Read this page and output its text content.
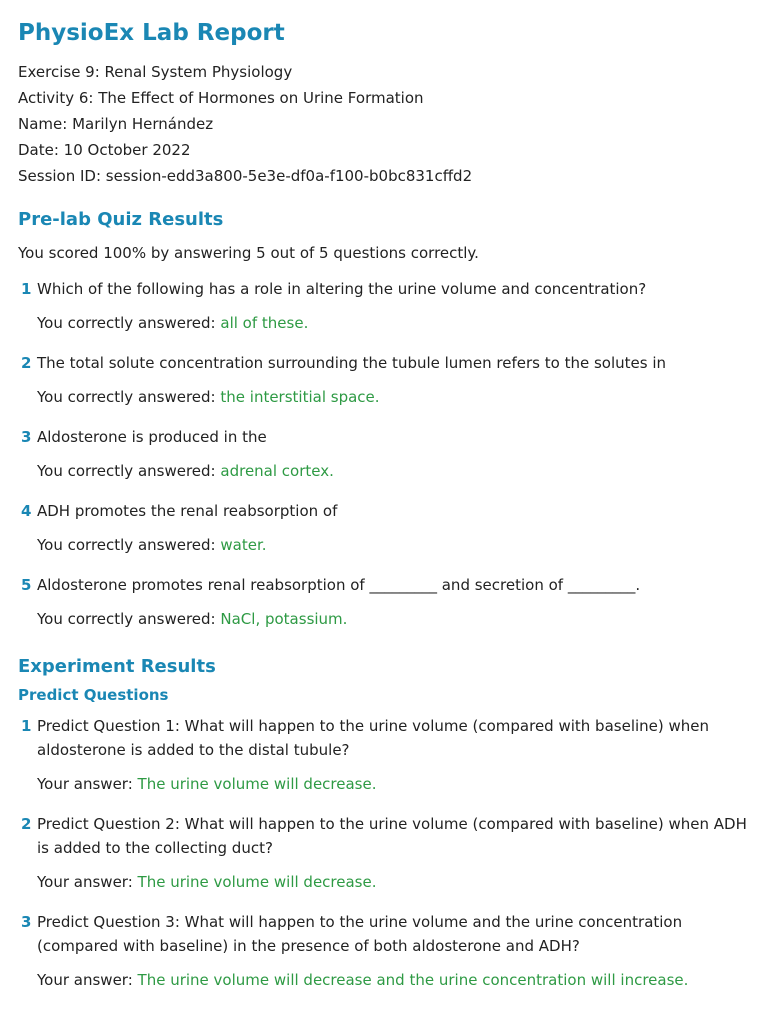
PhysioEx Lab Report
Exercise 9: Renal System Physiology
Activity 6: The Effect of Hormones on Urine Formation
Name: Marilyn Hernández
Date: 10 October 2022
Session ID: session-edd3a800-5e3e-df0a-f100-b0bc831cffd2
Pre-lab Quiz Results
You scored 100% by answering 5 out of 5 questions correctly.
1 Which of the following has a role in altering the urine volume and concentration?
You correctly answered: all of these.
2 The total solute concentration surrounding the tubule lumen refers to the solutes in
You correctly answered: the interstitial space.
3 Aldosterone is produced in the
You correctly answered: adrenal cortex.
4 ADH promotes the renal reabsorption of
You correctly answered: water.
5 Aldosterone promotes renal reabsorption of _________ and secretion of _________.
You correctly answered: NaCl, potassium.
Experiment Results
Predict Questions
1 Predict Question 1: What will happen to the urine volume (compared with baseline) when aldosterone is added to the distal tubule?
Your answer: The urine volume will decrease.
2 Predict Question 2: What will happen to the urine volume (compared with baseline) when ADH is added to the collecting duct?
Your answer: The urine volume will decrease.
3 Predict Question 3: What will happen to the urine volume and the urine concentration (compared with baseline) in the presence of both aldosterone and ADH?
Your answer: The urine volume will decrease and the urine concentration will increase.
